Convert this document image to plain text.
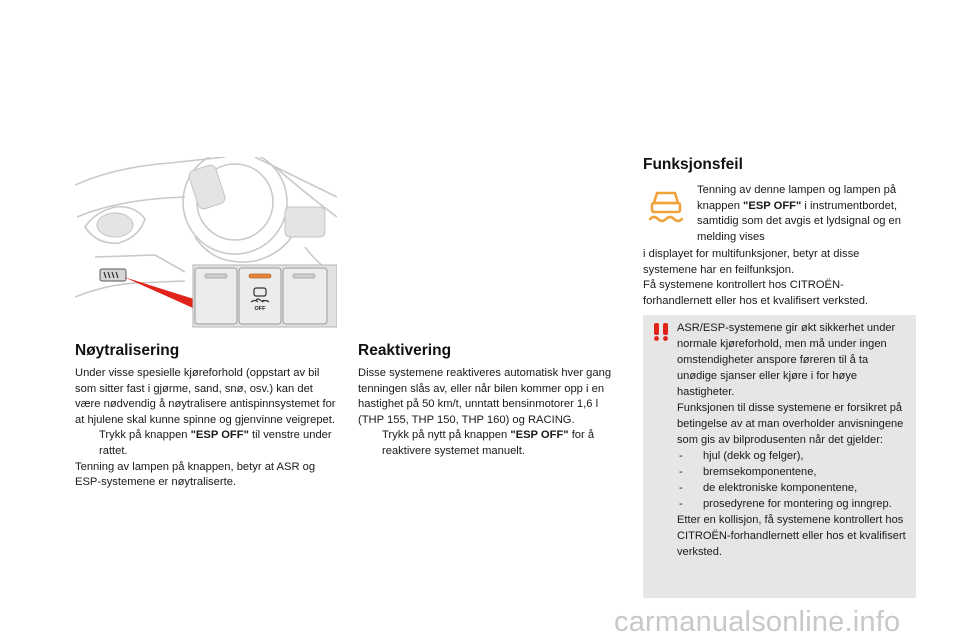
OFF
Nøytralisering

Under visse spesielle kjøreforhold (oppstart av bil som sitter fast i gjørme, sand, snø, osv.) kan det være nødvendig å nøytralisere antispinnsystemet for at hjulene skal kunne spinne og gjenvinne veigrepet.

Trykk på knappen "ESP OFF" til venstre under rattet.

Tenning av lampen på knappen, betyr at ASR og ESP-systemene er nøytraliserte.

Reaktivering

Disse systemene reaktiveres automatisk hver gang tenningen slås av, eller når bilen kommer opp i en hastighet på 50 km/t, unntatt bensinmotorer 1,6 l (THP 155, THP 150, THP 160) og RACING.

Trykk på nytt på knappen "ESP OFF" for å reaktivere systemet manuelt.
Funksjonsfeil
Tenning av denne lampen og lampen på knappen "ESP OFF" i instrumentbordet, samtidig som det avgis et lydsignal og en melding vises

i displayet for multifunksjoner, betyr at disse systemene har en feilfunksjon.

Få systemene kontrollert hos CITROËN-forhandlernett eller hos et kvalifisert verksted.

ASR/ESP-systemene gir økt sikkerhet under normale kjøreforhold, men må under ingen omstendigheter anspore føreren til å ta unødige sjanser eller kjøre i for høye hastigheter.
Funksjonen til disse systemene er forsikret på betingelse av at man overholder anvisningene som gis av bilprodusenten når det gjelder:
-	hjul (dekk og felger),
-	bremsekomponentene,
-	de elektroniske komponentene,
-	prosedyrene for montering og inngrep.
Etter en kollisjon, få systemene kontrollert hos CITROËN-forhandlernett eller hos et kvalifisert verksted.
carmanualsonline.info
